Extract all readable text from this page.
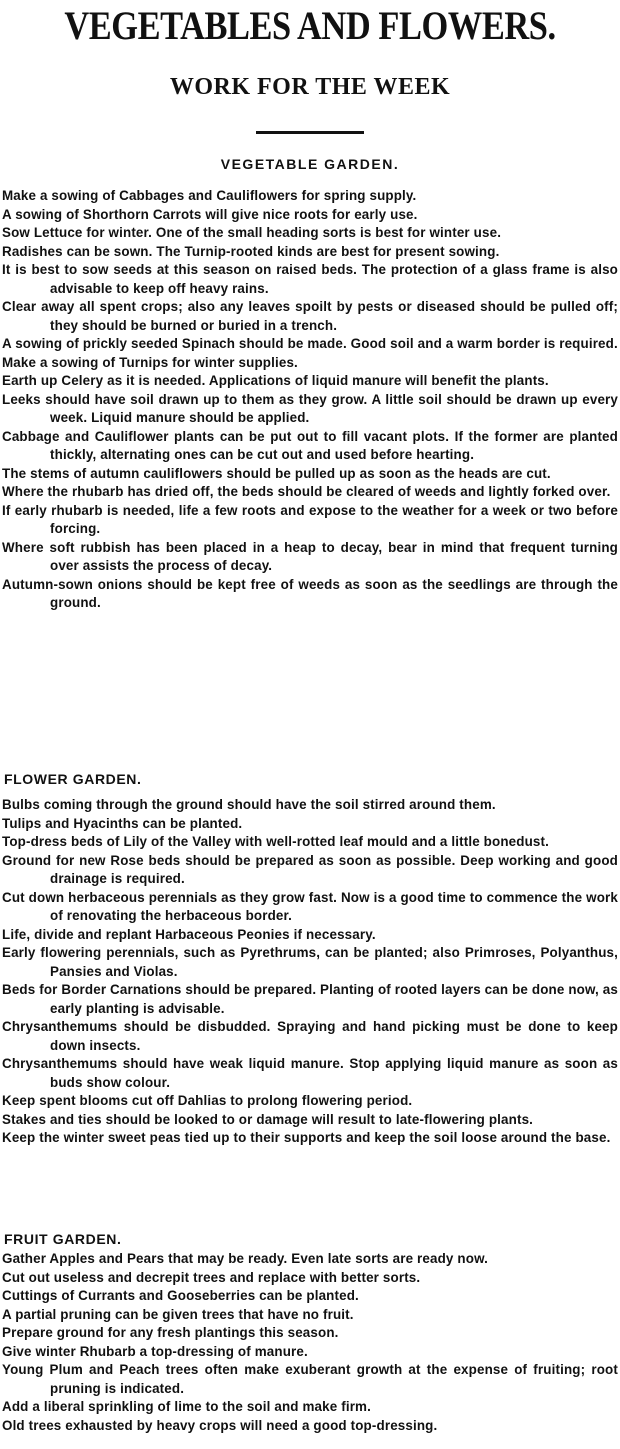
VEGETABLES AND FLOWERS.
WORK FOR THE WEEK
VEGETABLE GARDEN.
Make a sowing of Cabbages and Cauliflowers for spring supply.
A sowing of Shorthorn Carrots will give nice roots for early use.
Sow Lettuce for winter. One of the small heading sorts is best for winter use.
Radishes can be sown. The Turnip-rooted kinds are best for present sowing.
It is best to sow seeds at this season on raised beds. The protection of a glass frame is also advisable to keep off heavy rains.
Clear away all spent crops; also any leaves spoilt by pests or diseased should be pulled off; they should be burned or buried in a trench.
A sowing of prickly seeded Spinach should be made. Good soil and a warm border is required.
Make a sowing of Turnips for winter supplies.
Earth up Celery as it is needed. Applications of liquid manure will benefit the plants.
Leeks should have soil drawn up to them as they grow. A little soil should be drawn up every week. Liquid manure should be applied.
Cabbage and Cauliflower plants can be put out to fill vacant plots. If the former are planted thickly, alternating ones can be cut out and used before hearting.
The stems of autumn cauliflowers should be pulled up as soon as the heads are cut.
Where the rhubarb has dried off, the beds should be cleared of weeds and lightly forked over.
If early rhubarb is needed, life a few roots and expose to the weather for a week or two before forcing.
Where soft rubbish has been placed in a heap to decay, bear in mind that frequent turning over assists the process of decay.
Autumn-sown onions should be kept free of weeds as soon as the seedlings are through the ground.
FLOWER GARDEN.
Bulbs coming through the ground should have the soil stirred around them.
Tulips and Hyacinths can be planted.
Top-dress beds of Lily of the Valley with well-rotted leaf mould and a little bonedust.
Ground for new Rose beds should be prepared as soon as possible. Deep working and good drainage is required.
Cut down herbaceous perennials as they grow fast. Now is a good time to commence the work of renovating the herbaceous border.
Life, divide and replant Harbaceous Peonies if necessary.
Early flowering perennials, such as Pyrethrums, can be planted; also Primroses, Polyanthus, Pansies and Violas.
Beds for Border Carnations should be prepared. Planting of rooted layers can be done now, as early planting is advisable.
Chrysanthemums should be disbudded. Spraying and hand picking must be done to keep down insects.
Chrysanthemums should have weak liquid manure. Stop applying liquid manure as soon as buds show colour.
Keep spent blooms cut off Dahlias to prolong flowering period.
Stakes and ties should be looked to or damage will result to late-flowering plants.
Keep the winter sweet peas tied up to their supports and keep the soil loose around the base.
FRUIT GARDEN.
Gather Apples and Pears that may be ready. Even late sorts are ready now.
Cut out useless and decrepit trees and replace with better sorts.
Cuttings of Currants and Gooseberries can be planted.
A partial pruning can be given trees that have no fruit.
Prepare ground for any fresh plantings this season.
Give winter Rhubarb a top-dressing of manure.
Young Plum and Peach trees often make exuberant growth at the expense of fruiting; root pruning is indicated.
Add a liberal sprinkling of lime to the soil and make firm.
Old trees exhausted by heavy crops will need a good top-dressing.
